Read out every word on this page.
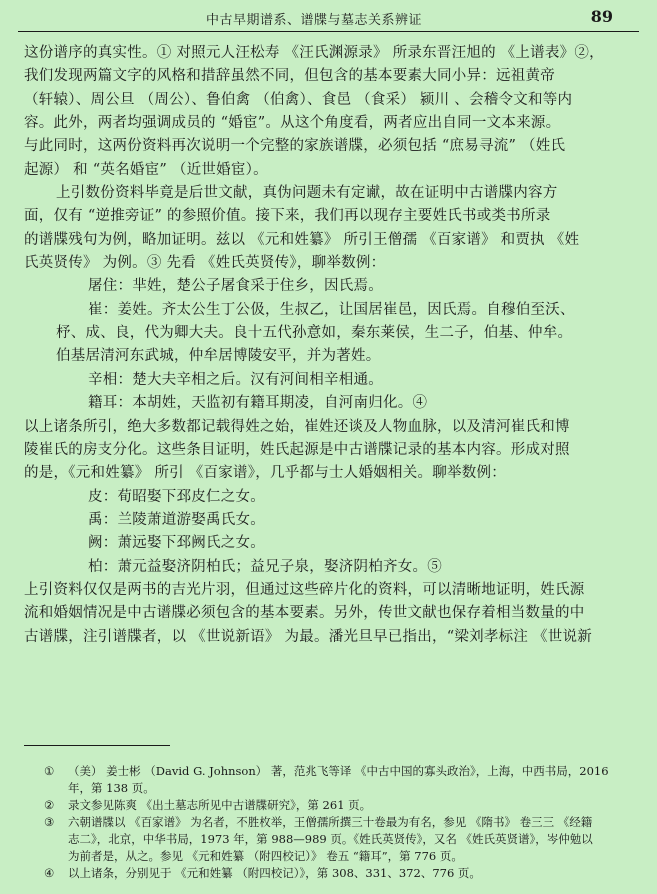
中古早期谱系、谱牒与墓志关系辨证	89
这份谱序的真实性。① 对照元人汪松寿 《汪氏渊源录》 所录东晋汪旭的 《上谱表》②，
我们发现两篇文字的风格和措辞虽然不同，但包含的基本要素大同小异：远祖黄帝
（轩辕）、周公旦 （周公）、鲁伯禽 （伯禽）、食邑 （食采） 颍川 、会稽令文和等内
容。此外，两者均强调成员的 “婚宦”。从这个角度看，两者应出自同一文本来源。
与此同时，这两份资料再次说明一个完整的家族谱牒，必须包括 “庶易寻流” （姓氏
起源） 和 “英名婚宦” （近世婚宦）。
上引数份资料毕竟是后世文献，真伪问题未有定谳，故在证明中古谱牒内容方
面，仅有 “逆推旁证” 的参照价值。接下来，我们再以现存主要姓氏书或类书所录
的谱牒残句为例，略加证明。兹以 《元和姓纂》 所引王僧孺 《百家谱》 和贾执 《姓
氏英贤传》 为例。③ 先看 《姓氏英贤传》，聊举数例：
屠住：芈姓，楚公子屠食采于住乡，因氏焉。
崔：姜姓。齐太公生丁公伋，生叔乙，让国居崔邑，因氏焉。自穆伯至沃、
杼、成、良，代为卿大夫。良十五代孙意如，秦东莱侯，生二子，伯基、仲牟。
伯基居清河东武城，仲牟居博陵安平，并为著姓。
辛相：楚大夫辛相之后。汉有河间相辛相通。
籍耳：本胡姓，天监初有籍耳期凌，自河南归化。④
以上诸条所引，绝大多数都记载得姓之始，崔姓还谈及人物血脉，以及清河崔氏和博
陵崔氏的房支分化。这些条目证明，姓氏起源是中古谱牒记录的基本内容。形成对照
的是，《元和姓纂》 所引 《百家谱》，几乎都与士人婚姻相关。聊举数例：
皮：荀昭娶下邳皮仁之女。
禹：兰陵萧道游娶禹氏女。
阙：萧远娶下邳阙氏之女。
柏：萧元益娶济阴柏氏；益兄子泉，娶济阴柏齐女。⑤
上引资料仅仅是两书的吉光片羽，但通过这些碎片化的资料，可以清晰地证明，姓氏源
流和婚姻情况是中古谱牒必须包含的基本要素。另外，传世文献也保存着相当数量的中
古谱牒，注引谱牒者，以 《世说新语》 为最。潘光旦早已指出，“梁刘孝标注 《世说新
① （美） 姜士彬 （David G. Johnson） 著，范兆飞等译 《中古中国的寡头政治》，上海，中西书局，2016
年，第 138 页。
② 录文参见陈爽 《出土墓志所见中古谱牒研究》，第 261 页。
③ 六朝谱牒以 《百家谱》 为名者，不胜枚举，王僧孺所撰三十卷最为有名，参见 《隋书》 卷三三 《经籍
志二》，北京，中华书局，1973 年，第 988—989 页。《姓氏英贤传》，又名 《姓氏英贤谱》，岑仲勉以
为前者是，从之。参见 《元和姓纂 （附四校记）》 卷五 “籍耳”，第 776 页。
④ 以上诸条，分别见于 《元和姓纂 （附四校记）》，第 308、331、372、776 页。
